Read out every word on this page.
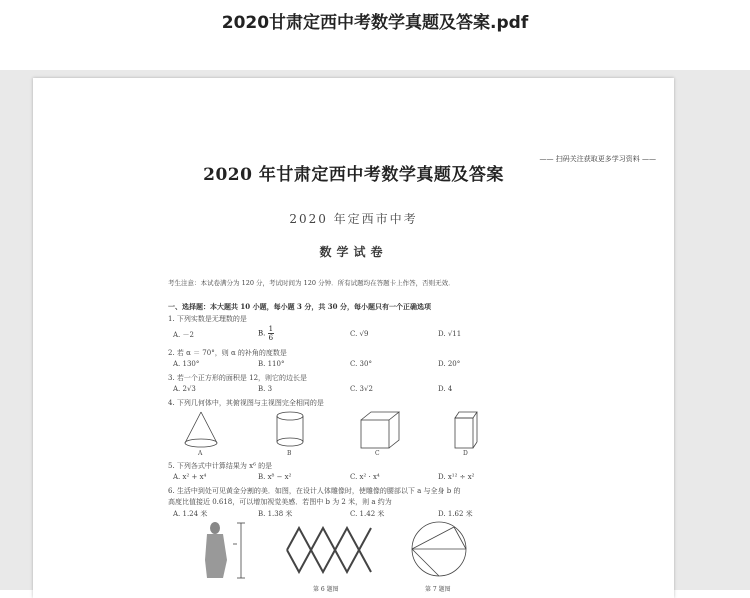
2020甘肃定西中考数学真题及答案.pdf
—— 扫码关注获取更多学习资料 ——
2020 年甘肃定西中考数学真题及答案
2020 年定西市中考
数学试卷
考生注意：本试卷满分为 120 分，考试时间为 120 分钟．所有试题均在答题卡上作答，否则无效．
一、选择题：本大题共 10 小题，每小题 3 分，共 30 分，每小题只有一个正确选项
1. 下列实数是无理数的是
A. －2	B. $\frac{1}{6}$	C. √9	D. √11
2. 若 α ＝ 70°，则 α 的补角的度数是
A. 130°	B. 110°	C. 30°	D. 20°
3. 若一个正方形的面积是 12，则它的边长是
A. 2√3	B. 3	C. 3√2	D. 4
4. 下列几何体中，其俯视图与主视图完全相同的是
A	B	C	D
5. 下列各式中计算结果为 x⁶ 的是
A. x² + x⁴	B. x⁸ − x²	C. x² · x⁴	D. x¹² ÷ x²
6. 生活中到处可见黄金分割的美．如图，在设计人体雕像时，使雕像的腰部以下 a 与全身 b 的
高度比值接近 0.618，可以增加视觉美感．若图中 b 为 2 米，则 a 约为
A. 1.24 米	B. 1.38 米	C. 1.42 米	D. 1.62 米
第 6 题图	第 7 题图
